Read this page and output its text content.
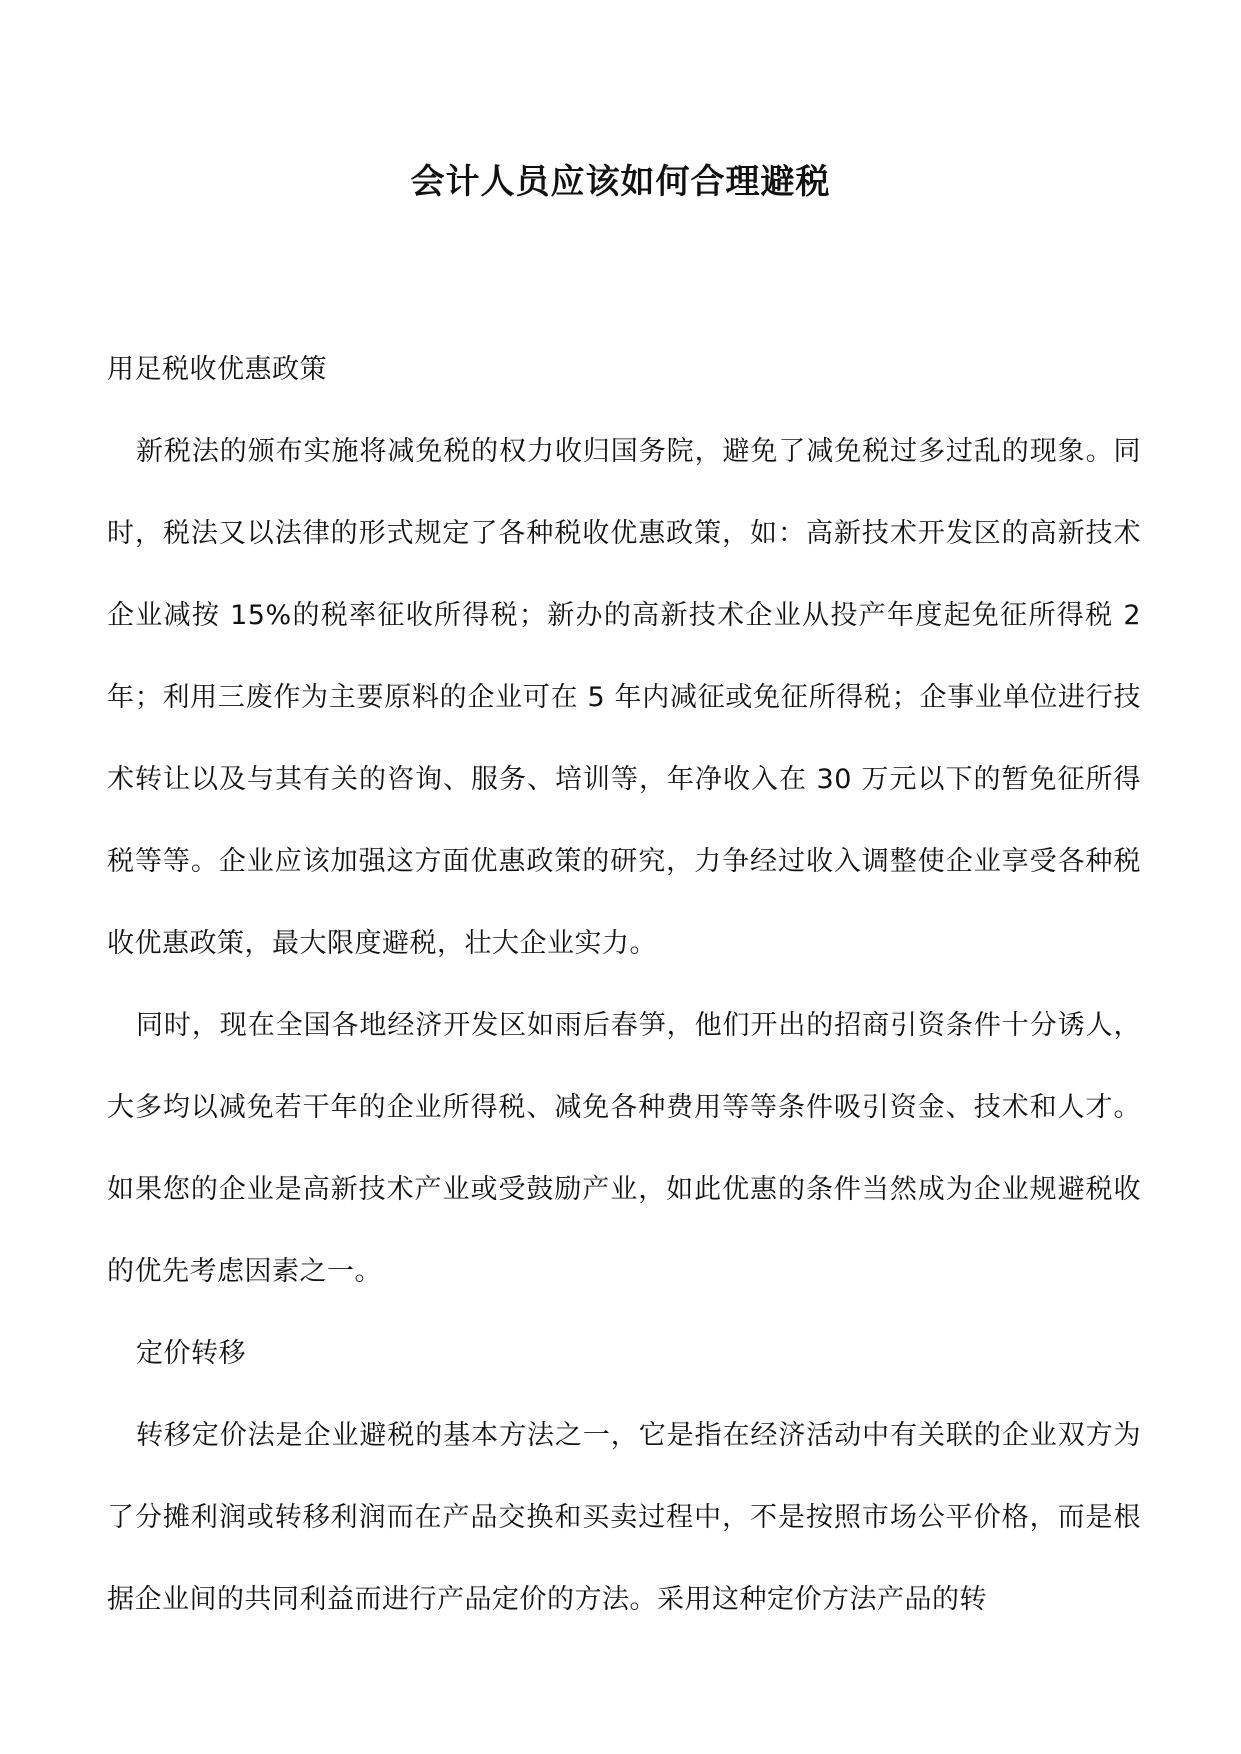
会计人员应该如何合理避税

用足税收优惠政策

新税法的颁布实施将减免税的权力收归国务院，避免了减免税过多过乱的现象。同时，税法又以法律的形式规定了各种税收优惠政策，如：高新技术开发区的高新技术企业减按 15%的税率征收所得税；新办的高新技术企业从投产年度起免征所得税 2 年；利用三废作为主要原料的企业可在 5 年内减征或免征所得税；企事业单位进行技术转让以及与其有关的咨询、服务、培训等，年净收入在 30 万元以下的暂免征所得税等等。企业应该加强这方面优惠政策的研究，力争经过收入调整使企业享受各种税收优惠政策，最大限度避税，壮大企业实力。

同时，现在全国各地经济开发区如雨后春笋，他们开出的招商引资条件十分诱人，大多均以减免若干年的企业所得税、减免各种费用等等条件吸引资金、技术和人才。如果您的企业是高新技术产业或受鼓励产业，如此优惠的条件当然成为企业规避税收的优先考虑因素之一。

定价转移

转移定价法是企业避税的基本方法之一，它是指在经济活动中有关联的企业双方为了分摊利润或转移利润而在产品交换和买卖过程中，不是按照市场公平价格，而是根据企业间的共同利益而进行产品定价的方法。采用这种定价方法产品的转
